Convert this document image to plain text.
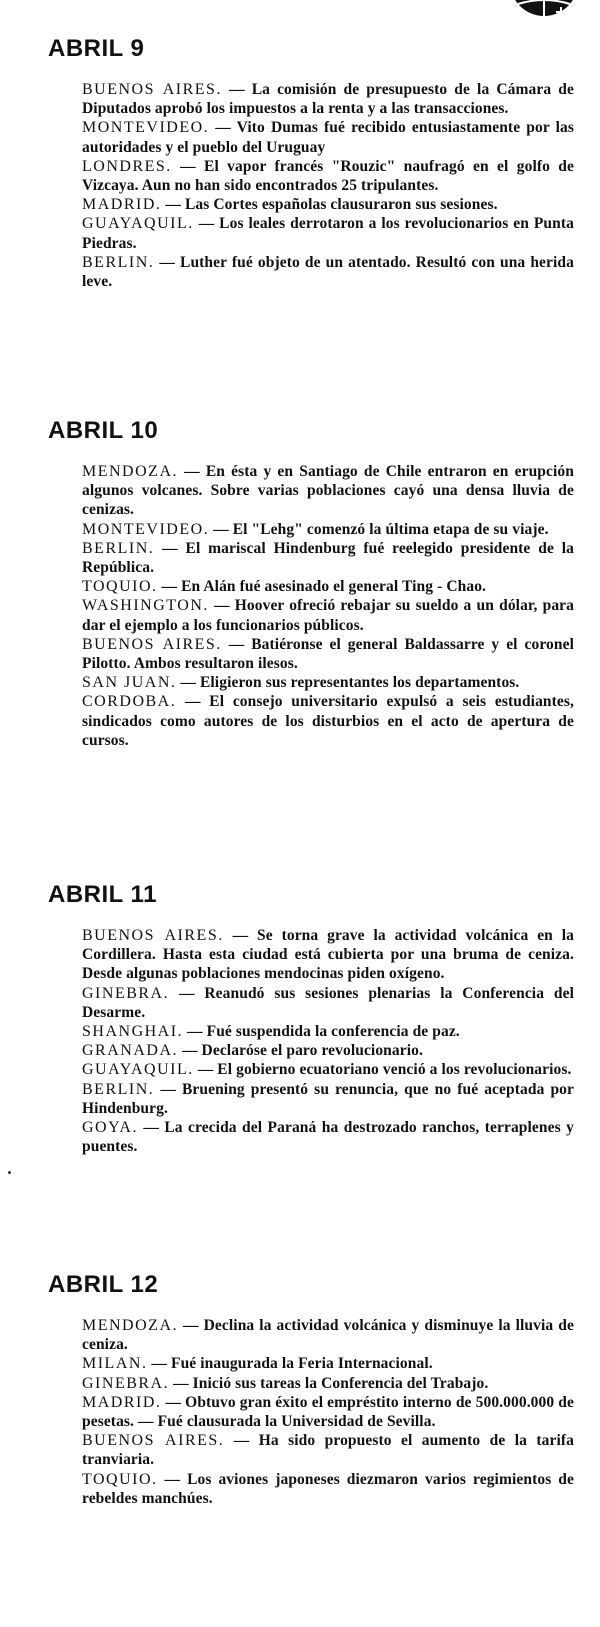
ABRIL 9

BUENOS AIRES. — La comisión de presupuesto de la Cámara de Diputados aprobó los impuestos a la renta y a las transacciones.

MONTEVIDEO. — Vito Dumas fué recibido entusiastamente por las autoridades y el pueblo del Uruguay

LONDRES. — El vapor francés "Rouzic" naufragó en el golfo de Vizcaya. Aun no han sido encontrados 25 tripulantes.

MADRID. — Las Cortes españolas clausuraron sus sesiones.

GUAYAQUIL. — Los leales derrotaron a los revolucionarios en Punta Piedras.

BERLIN. — Luther fué objeto de un atentado. Resultó con una herida leve.

ABRIL 10

MENDOZA. — En ésta y en Santiago de Chile entraron en erupción algunos volcanes. Sobre varias poblaciones cayó una densa lluvia de cenizas.

MONTEVIDEO. — El "Lehg" comenzó la última etapa de su viaje.

BERLIN. — El mariscal Hindenburg fué reelegido presidente de la República.

TOQUIO. — En Alán fué asesinado el general Ting - Chao.

WASHINGTON. — Hoover ofreció rebajar su sueldo a un dólar, para dar el ejemplo a los funcionarios públicos.

BUENOS AIRES. — Batiéronse el general Baldassarre y el coronel Pilotto. Ambos resultaron ilesos.

SAN JUAN. — Eligieron sus representantes los departamentos.

CORDOBA. — El consejo universitario expulsó a seis estudiantes, sindicados como autores de los disturbios en el acto de apertura de cursos.

ABRIL 11

BUENOS AIRES. — Se torna grave la actividad volcánica en la Cordillera. Hasta esta ciudad está cubierta por una bruma de ceniza. Desde algunas poblaciones mendocinas piden oxígeno.

GINEBRA. — Reanudó sus sesiones plenarias la Conferencia del Desarme.

SHANGHAI. — Fué suspendida la conferencia de paz.

GRANADA. — Declaróse el paro revolucionario.

GUAYAQUIL. — El gobierno ecuatoriano venció a los revolucionarios.

BERLIN. — Bruening presentó su renuncia, que no fué aceptada por Hindenburg.

GOYA. — La crecida del Paraná ha destrozado ranchos, terraplenes y puentes.

ABRIL 12

MENDOZA. — Declina la actividad volcánica y disminuye la lluvia de ceniza.

MILAN. — Fué inaugurada la Feria Internacional.

GINEBRA. — Inició sus tareas la Conferencia del Trabajo.

MADRID. — Obtuvo gran éxito el empréstito interno de 500.000.000 de pesetas. — Fué clausurada la Universidad de Sevilla.

BUENOS AIRES. — Ha sido propuesto el aumento de la tarifa tranviaria.

TOQUIO. — Los aviones japoneses diezmaron varios regimientos de rebeldes manchúes.
